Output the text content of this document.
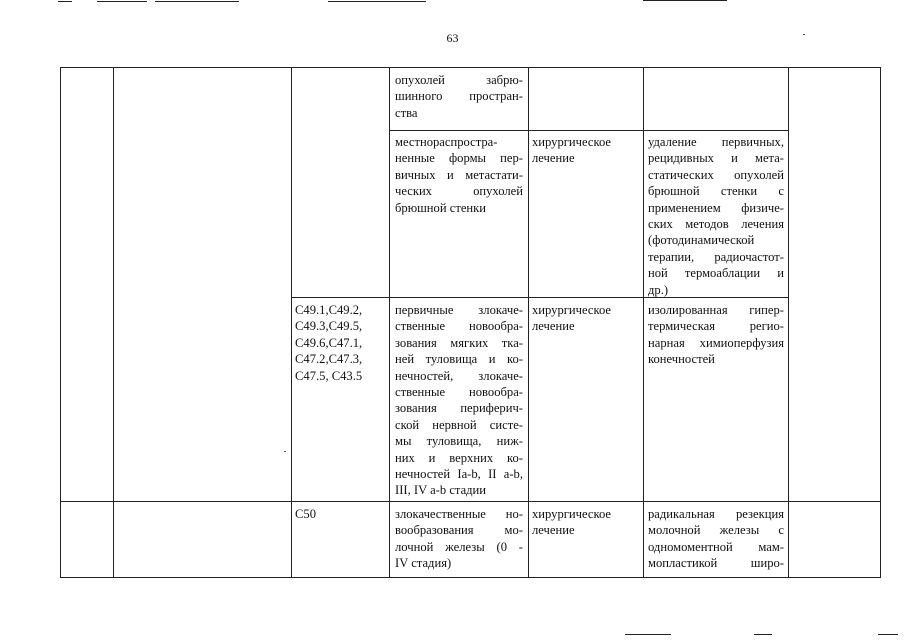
63
опухолей забрю-
шинного простран-
ства
местнораспростра-
ненные формы пер-
вичных и метастати-
ческих опухолей
брюшной стенки
хирургическое
лечение
удаление первичных,
рецидивных и мета-
статических опухолей
брюшной стенки с
применением физиче-
ских методов лечения
(фотодинамической
терапии, радиочастот-
ной термоаблации и
др.)
C49.1,C49.2,
C49.3,C49.5,
C49.6,C47.1,
C47.2,C47.3,
C47.5, C43.5
первичные злокаче-
ственные новообра-
зования мягких тка-
ней туловища и ко-
нечностей, злокаче-
ственные новообра-
зования периферич-
ской нервной систе-
мы туловища, ниж-
них и верхних ко-
нечностей Ia-b, II a-b,
III, IV a-b стадии
хирургическое
лечение
изолированная гипер-
термическая регио-
нарная химиоперфузия
конечностей
C50	злокачественные но-
вообразования мо-
лочной железы (0 -
IV стадия)
хирургическое
лечение
радикальная резекция
молочной железы с
одномоментной мам-
мопластикой широ-
